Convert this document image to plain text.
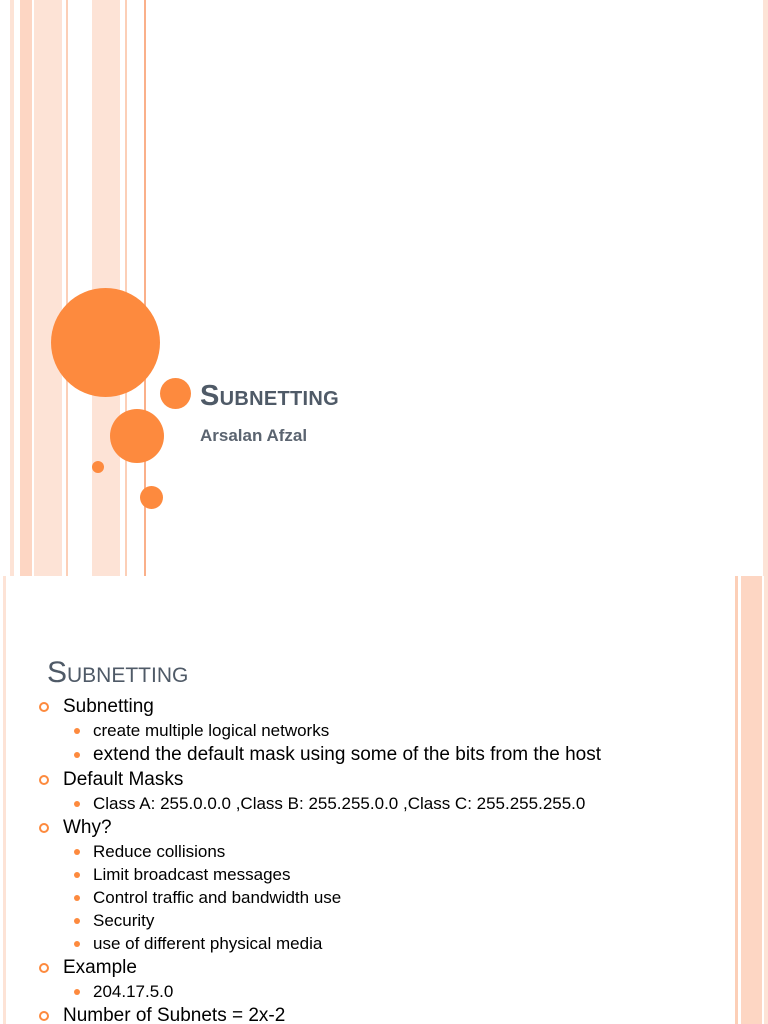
Subnetting
Arsalan Afzal
Subnetting
Subnetting
create multiple logical networks
extend the default mask using some of the bits from the host
Default Masks
Class A: 255.0.0.0 ,Class B: 255.255.0.0 ,Class C: 255.255.255.0
Why?
Reduce collisions
Limit broadcast messages
Control traffic and bandwidth use
Security
use of different physical media
Example
204.17.5.0
Number of Subnets = 2x-2
